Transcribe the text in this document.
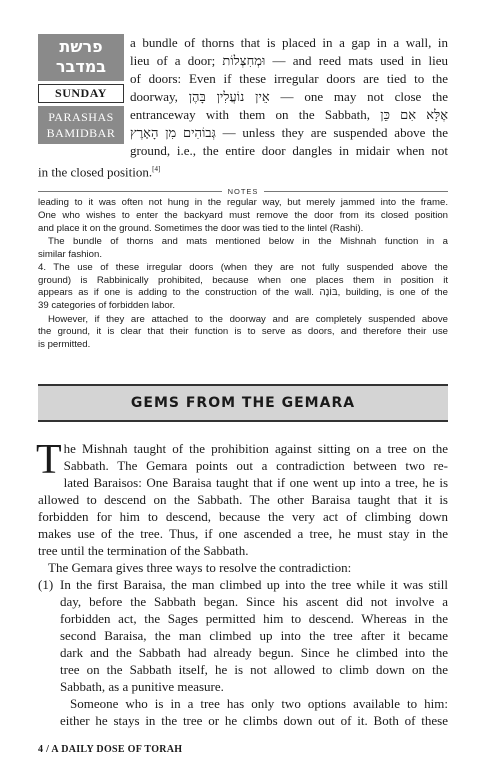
פרשת במדבר
SUNDAY
PARASHAS
BAMIDBAR
a bundle of thorns that is placed in a gap in a wall, in
lieu of a door; וּמְחִצְּלוֹת — and reed mats used in lieu
of doors: Even if these irregular doors are tied to the
doorway, אֵין נוֹעֲלִין בָּהֶן — one may not close the
entranceway with them on the Sabbath, אֶלָּא אִם כֵּן
גְּבוֹהִים מִן הָאָרֶץ — unless they are suspended above the
ground, i.e., the entire door dangles in midair when not
in the closed position.[4]
NOTES

leading to it was often not hung in the regular way, but merely jammed into the frame.
One who wishes to enter the backyard must remove the door from its closed position
and place it on the ground. Sometimes the door was tied to the lintel (Rashi).

The bundle of thorns and mats mentioned below in the Mishnah function in a
similar fashion.

4. The use of these irregular doors (when they are not fully suspended above the
ground) is Rabbinically prohibited, because when one places them in position it
appears as if one is adding to the construction of the wall. בּוֹנֶה, building, is one of the
39 categories of forbidden labor.

However, if they are attached to the doorway and are completely suspended above
the ground, it is clear that their function is to serve as doors, and therefore their use
is permitted.

GEMS FROM THE GEMARA
T he Mishnah taught of the prohibition against sitting on a tree on the
Sabbath. The Gemara points out a contradiction between two re-
lated Baraisos: One Baraisa taught that if one went up into a tree, he is
allowed to descend on the Sabbath. The other Baraisa taught that it is
forbidden for him to descend, because the very act of climbing down
makes use of the tree. Thus, if one ascended a tree, he must stay in the
tree until the termination of the Sabbath.
The Gemara gives three ways to resolve the contradiction:
(1) In the first Baraisa, the man climbed up into the tree while it was still
day, before the Sabbath began. Since his ascent did not involve a
forbidden act, the Sages permitted him to descend. Whereas in the
second Baraisa, the man climbed up into the tree after it became
dark and the Sabbath had already begun. Since he climbed into the
tree on the Sabbath itself, he is not allowed to climb down on the
Sabbath, as a punitive measure.
Someone who is in a tree has only two options available to him:
either he stays in the tree or he climbs down out of it. Both of these
4 / A DAILY DOSE OF TORAH
